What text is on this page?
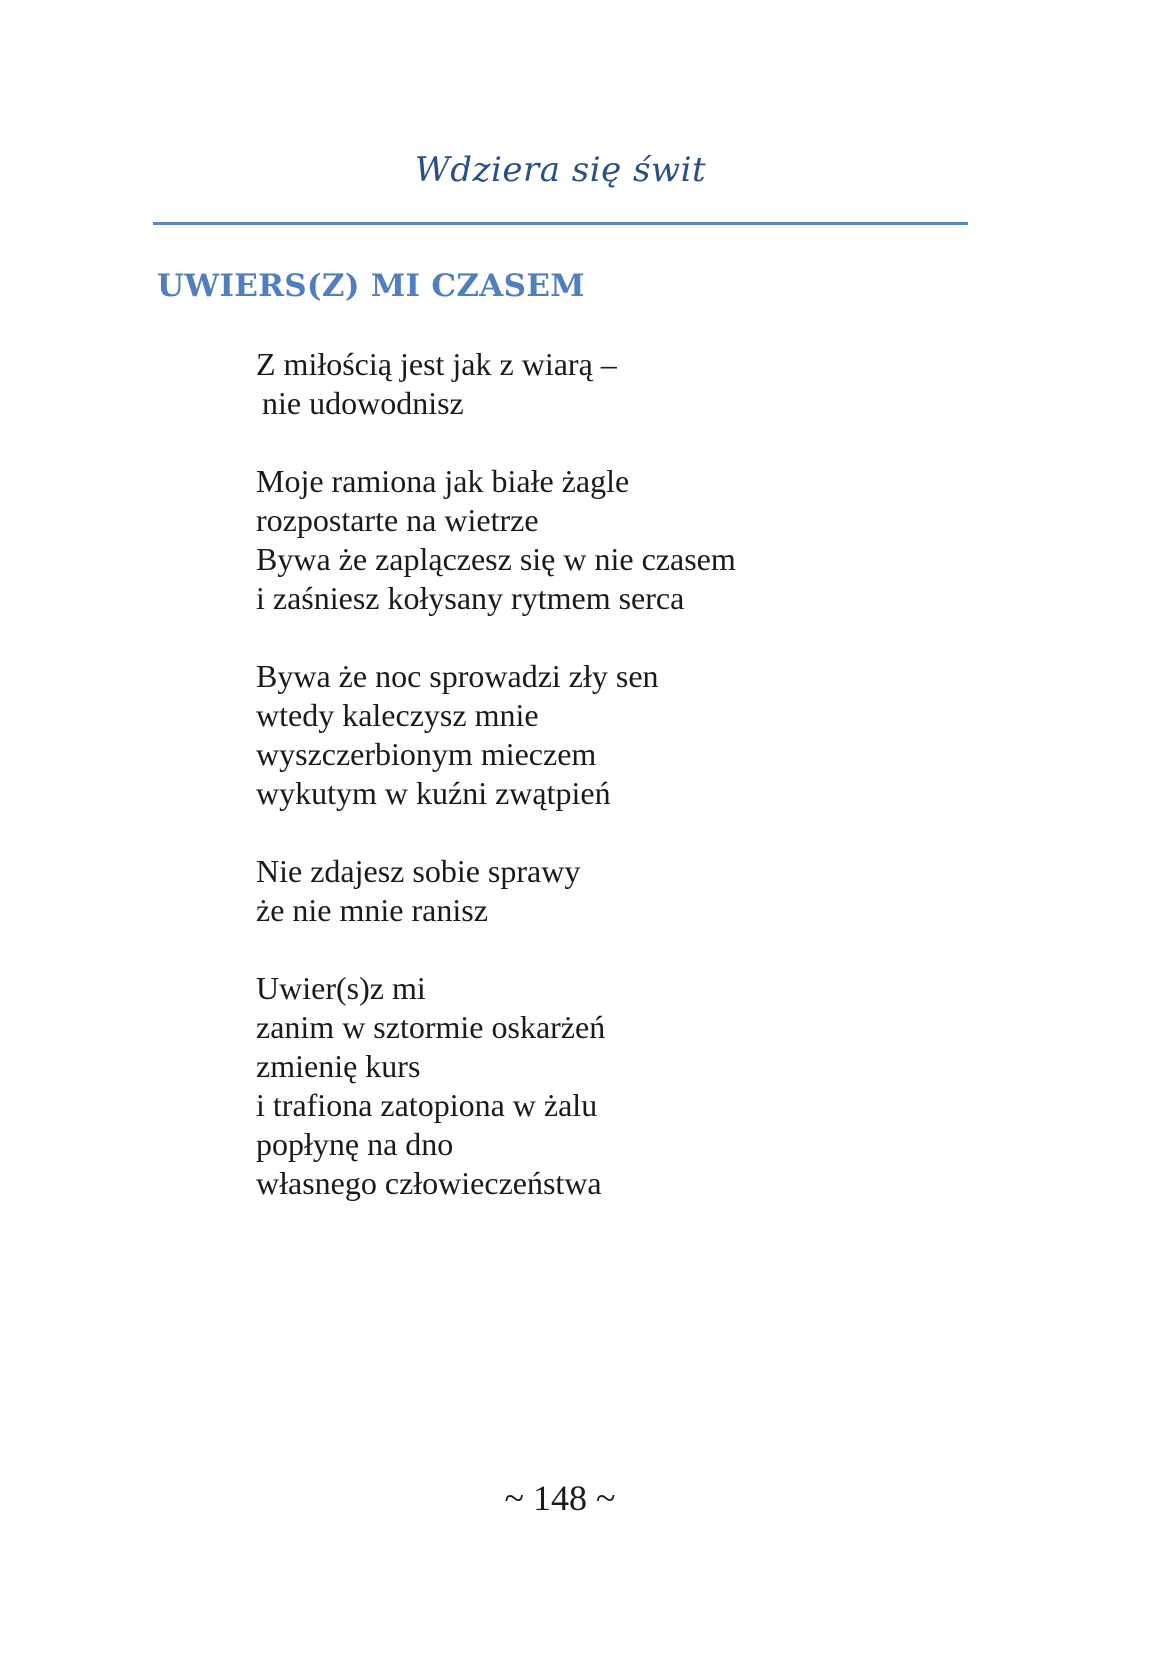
Wdziera się świt
UWIERS(Z) MI CZASEM
Z miłością jest jak z wiarą –
nie udowodnisz
Moje ramiona jak białe żagle
rozpostarte na wietrze
Bywa że zaplączesz się w nie czasem
i zaśniesz kołysany rytmem serca
Bywa że noc sprowadzi zły sen
wtedy kaleczysz mnie
wyszczerbionym mieczem
wykutym w kuźni zwątpień
Nie zdajesz sobie sprawy
że nie mnie ranisz
Uwier(s)z mi
zanim w sztormie oskarżeń
zmienię kurs
i trafiona zatopiona w żalu
popłynę na dno
własnego człowieczeństwa
~ 148 ~
